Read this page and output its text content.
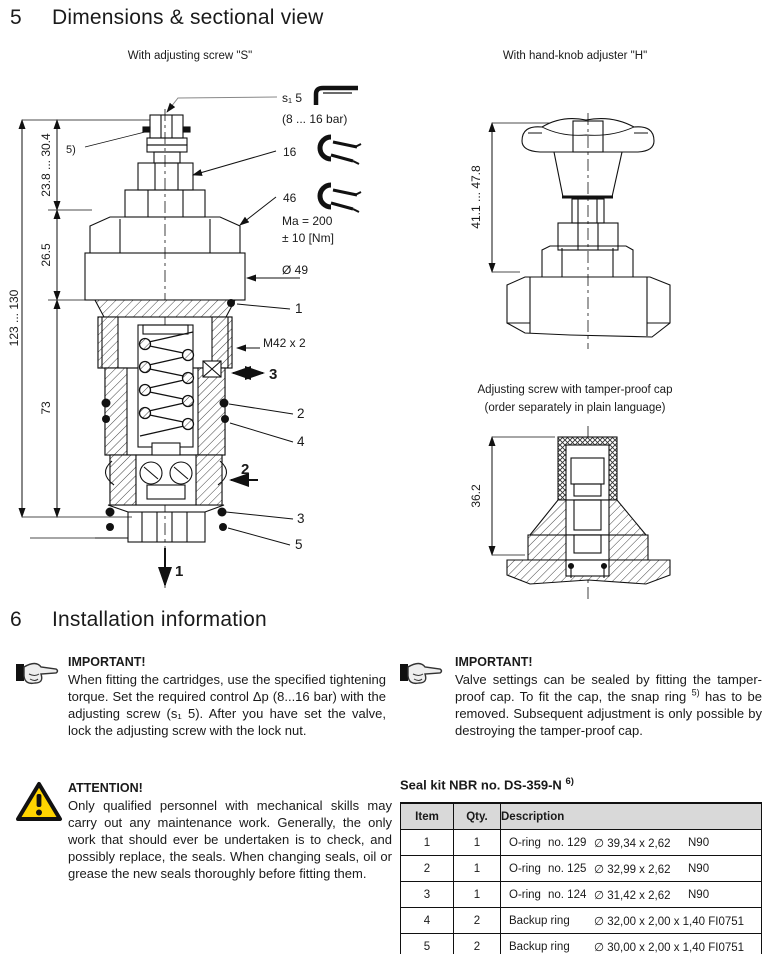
5 Dimensions & sectional view
With adjusting screw "S"	With hand-knob adjuster "H"
123 ... 130
23.8 ... 30.4
26.5
73
s₁ 5
(8 ... 16 bar)
16
46
Ma = 200
± 10 [Nm]
Ø 49
1
M42 x 2
3
2
4
2
3
5
1
5)
41.1 ... 47.8
Adjusting screw with tamper-proof cap
(order separately in plain language)
36.2
6 Installation information
IMPORTANT!
When fitting the cartridges, use the specified tightening torque. Set the required control Δp (8...16 bar) with the adjusting screw (s₁ 5). After you have set the valve, lock the adjusting screw with the lock nut.
IMPORTANT!
Valve settings can be sealed by fitting the tamper-proof cap. To fit the cap, the snap ring $^{5)}$ has to be removed. Subsequent adjustment is only possible by destroying the tamper-proof cap.
ATTENTION!
Only qualified personnel with mechanical skills may carry out any maintenance work. Generally, the only work that should ever be undertaken is to check, and possibly replace, the seals. When changing seals, oil or grease the new seals thoroughly before fitting them.
Seal kit NBR no. DS-359-N $^{6)}$
Item	Qty.	Description
1	1	O-ring no. 129 ∅ 39,34 x 2,62 N90

2	1	O-ring no. 125 ∅ 32,99 x 2,62 N90

3	1	O-ring no. 124 ∅ 31,42 x 2,62 N90

4	2	Backup ring ∅ 32,00 x 2,00 x 1,40 FI0751

5	2	Backup ring ∅ 30,00 x 2,00 x 1,40 FI0751
